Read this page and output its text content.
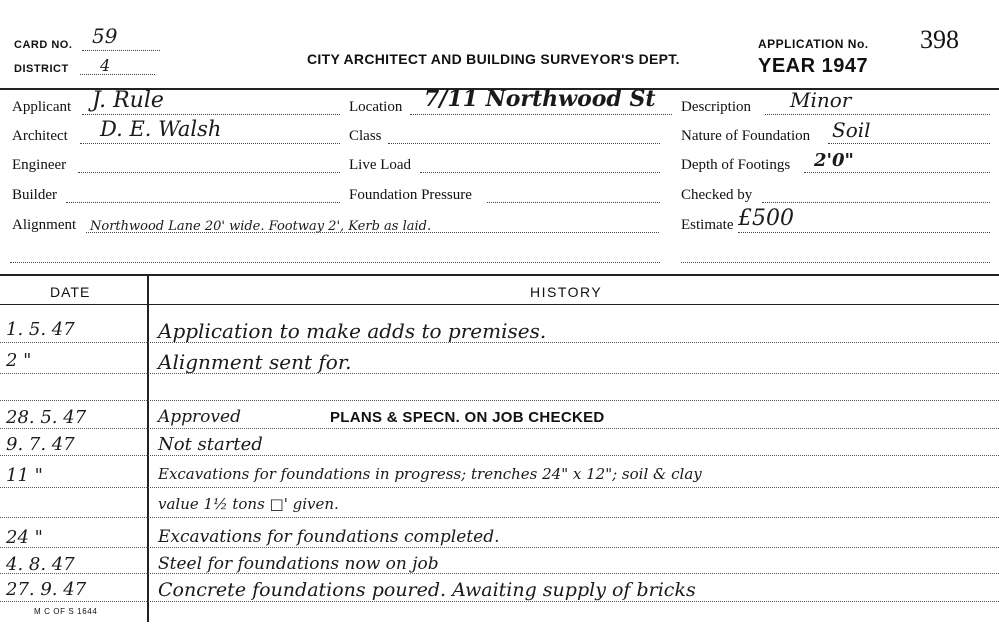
CARD NO. 59
DISTRICT 4	CITY ARCHITECT AND BUILDING SURVEYOR'S DEPT.
APPLICATION No. 398
YEAR 1947
Applicant J. Rule
Architect D. E. Walsh
Engineer
Builder
Alignment Northwood Lane 20' wide. Footway 2', Kerb as laid.
Location 7/11 Northwood St
Class
Live Load
Foundation Pressure
Description Minor
Nature of Foundation Soil
Depth of Footings 2'0"
Checked by
Estimate £500
DATE	HISTORY
1. 5. 47	Application to make adds to premises.
2 "	Alignment sent for.
28. 5. 47	Approved	PLANS & SPECN. ON JOB CHECKED
9. 7. 47	Not started
11 "	Excavations for foundations in progress; trenches 24" x 12"; soil & clay
value 1½ tons □' given.
24 "	Excavations for foundations completed.
4. 8. 47	Steel for foundations now on job
27. 9. 47	Concrete foundations poured. Awaiting supply of bricks
M C OF S 1644
